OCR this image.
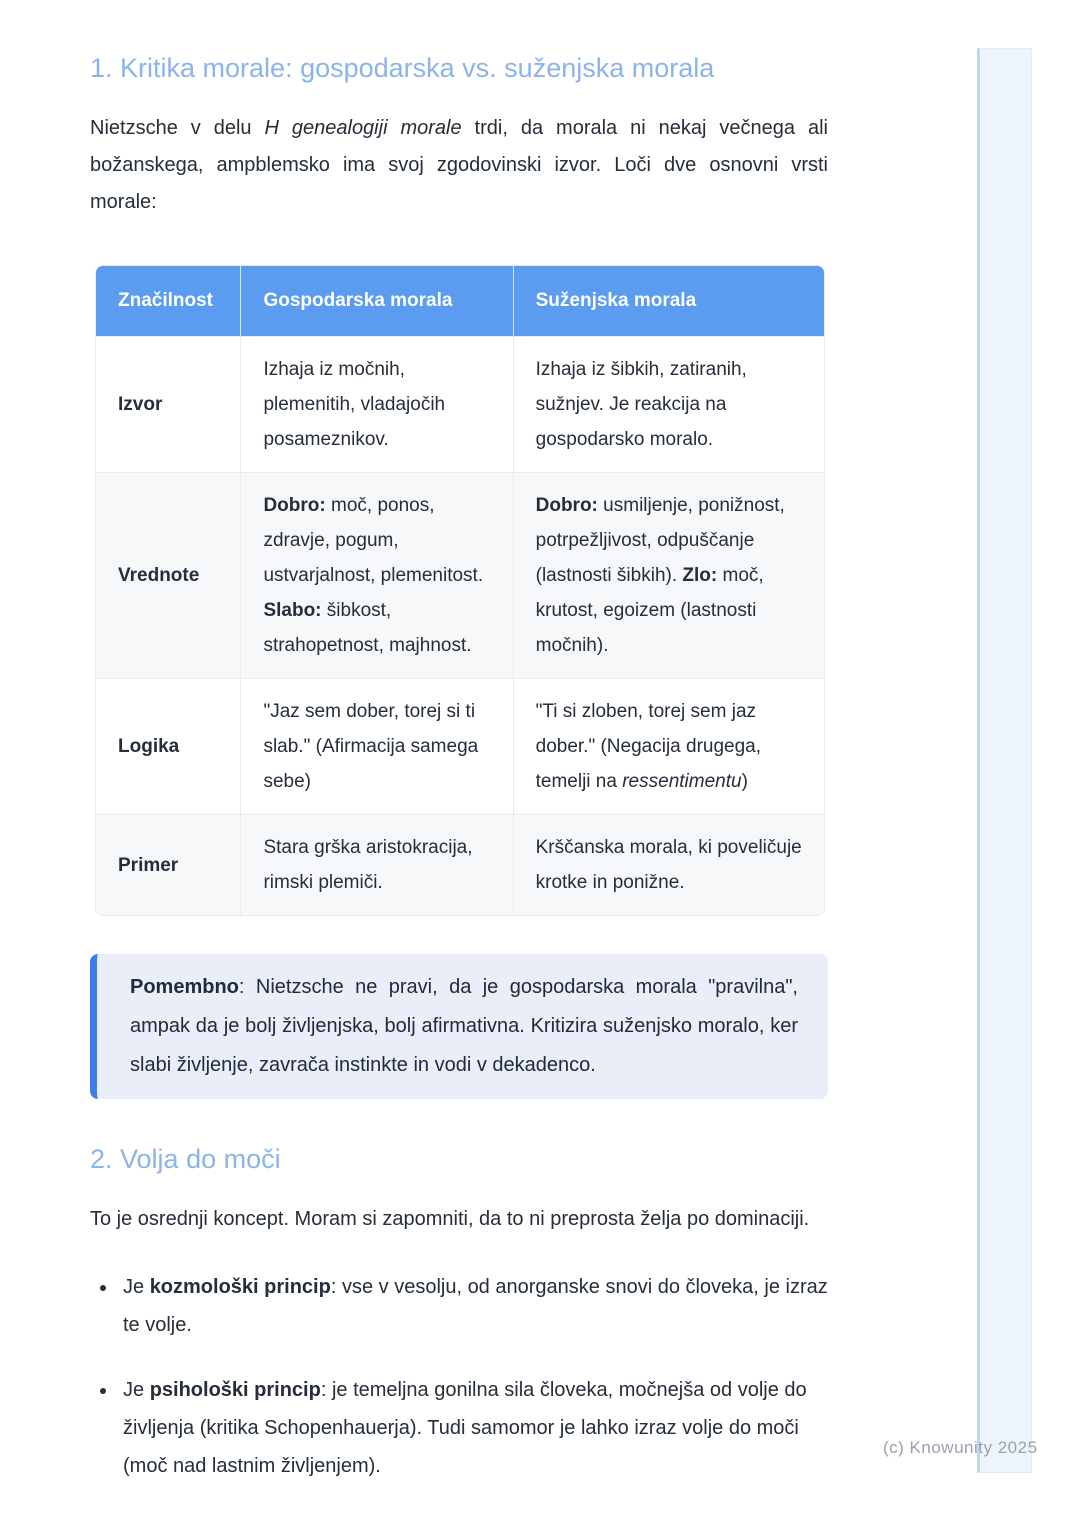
(c) Knowunity 2025
1. Kritika morale: gospodarska vs. suženjska morala

Nietzsche v delu H genealogiji morale trdi, da morala ni nekaj večnega ali božanskega, ampblemsko ima svoj zgodovinski izvor. Loči dve osnovni vrsti morale:

Značilnost	Gospodarska morala	Suženjska morala
Izvor	Izhaja iz močnih, plemenitih, vladajočih posameznikov.	Izhaja iz šibkih, zatiranih, sužnjev. Je reakcija na gospodarsko moralo.
Vrednote	Dobro: moč, ponos, zdravje, pogum, ustvarjalnost, plemenitost. Slabo: šibkost, strahopetnost, majhnost.	Dobro: usmiljenje, ponižnost, potrpežljivost, odpuščanje (lastnosti šibkih). Zlo: moč, krutost, egoizem (lastnosti močnih).
Logika	"Jaz sem dober, torej si ti slab." (Afirmacija samega sebe)	"Ti si zloben, torej sem jaz dober." (Negacija drugega, temelji na ressentimentu)
Primer	Stara grška aristokracija, rimski plemiči.	Krščanska morala, ki poveličuje krotke in ponižne.
Pomembno: Nietzsche ne pravi, da je gospodarska morala "pravilna", ampak da je bolj življenjska, bolj afirmativna. Kritizira suženjsko moralo, ker slabi življenje, zavrača instinkte in vodi v dekadenco.
2. Volja do moči

To je osrednji koncept. Moram si zapomniti, da to ni preprosta želja po dominaciji.

• Je kozmološki princip: vse v vesolju, od anorganske snovi do človeka, je izraz te volje.
• Je psihološki princip: je temeljna gonilna sila človeka, močnejša od volje do življenja (kritika Schopenhauerja). Tudi samomor je lahko izraz volje do moči (moč nad lastnim življenjem).
